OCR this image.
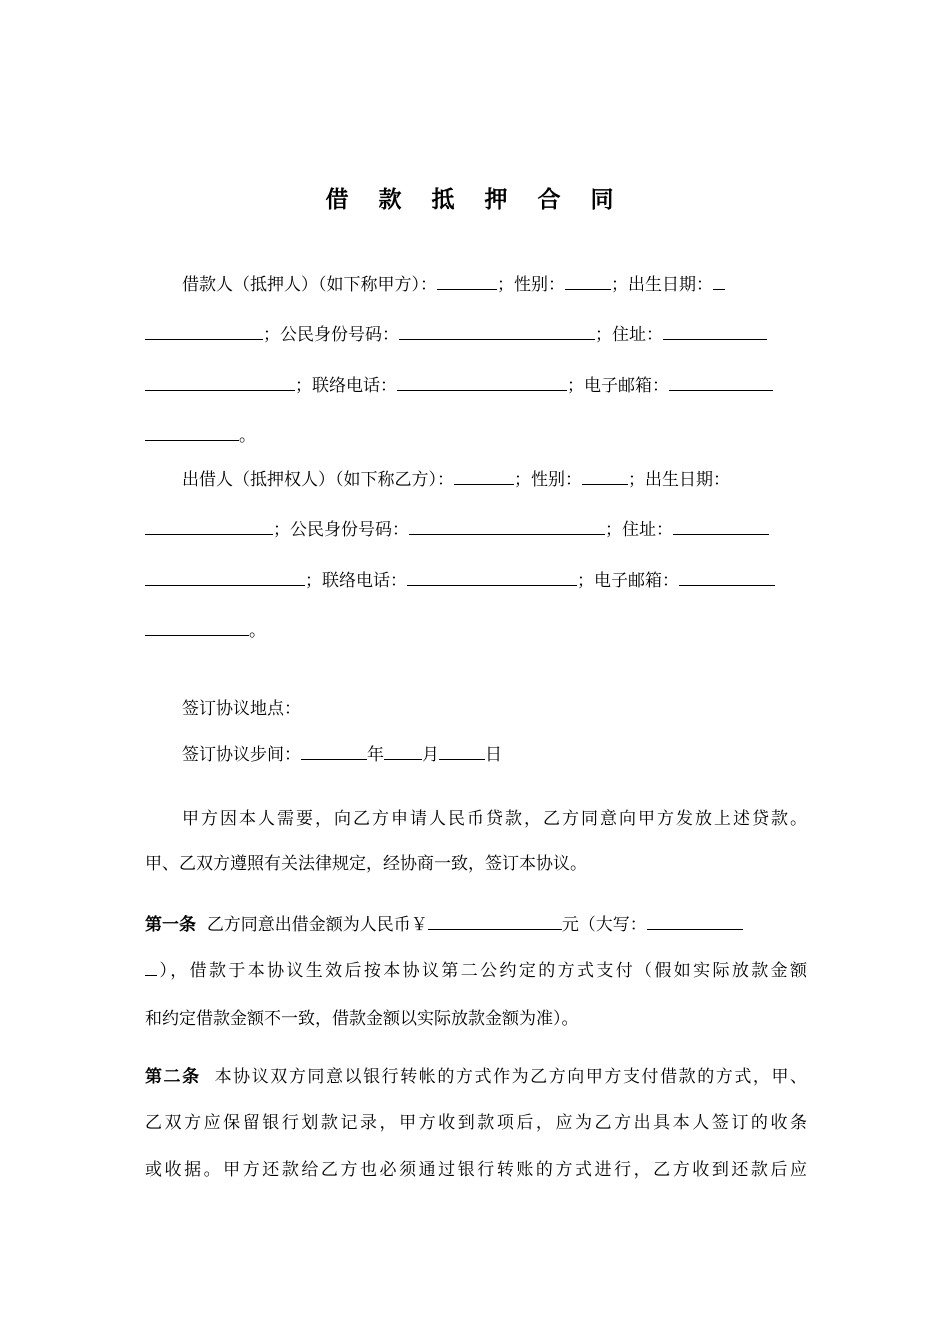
借 款 抵 押 合 同
借款人（抵押人）（如下称甲方）：	；性别：	；出生日期：
；公民身份号码：	；住址：
；联络电话：	；电子邮箱：
。
出借人（抵押权人）（如下称乙方）：	；性别：	；出生日期：
；公民身份号码：	；住址：
；联络电话：	；电子邮箱：
。
签订协议地点：
签订协议步间：	年 月	日
甲方因本人需要，向乙方申请人民币贷款，乙方同意向甲方发放上述贷款。
甲、乙双方遵照有关法律规定，经协商一致，签订本协议。
第一条 乙方同意出借金额为人民币￥	元（大写：
），借款于本协议生效后按本协议第二公约定的方式支付（假如实际放款金额
和约定借款金额不一致，借款金额以实际放款金额为准）。
第二条 本协议双方同意以银行转帐的方式作为乙方向甲方支付借款的方式，甲、
乙双方应保留银行划款记录，甲方收到款项后，应为乙方出具本人签订的收条
或收据。甲方还款给乙方也必须通过银行转账的方式进行，乙方收到还款后应
